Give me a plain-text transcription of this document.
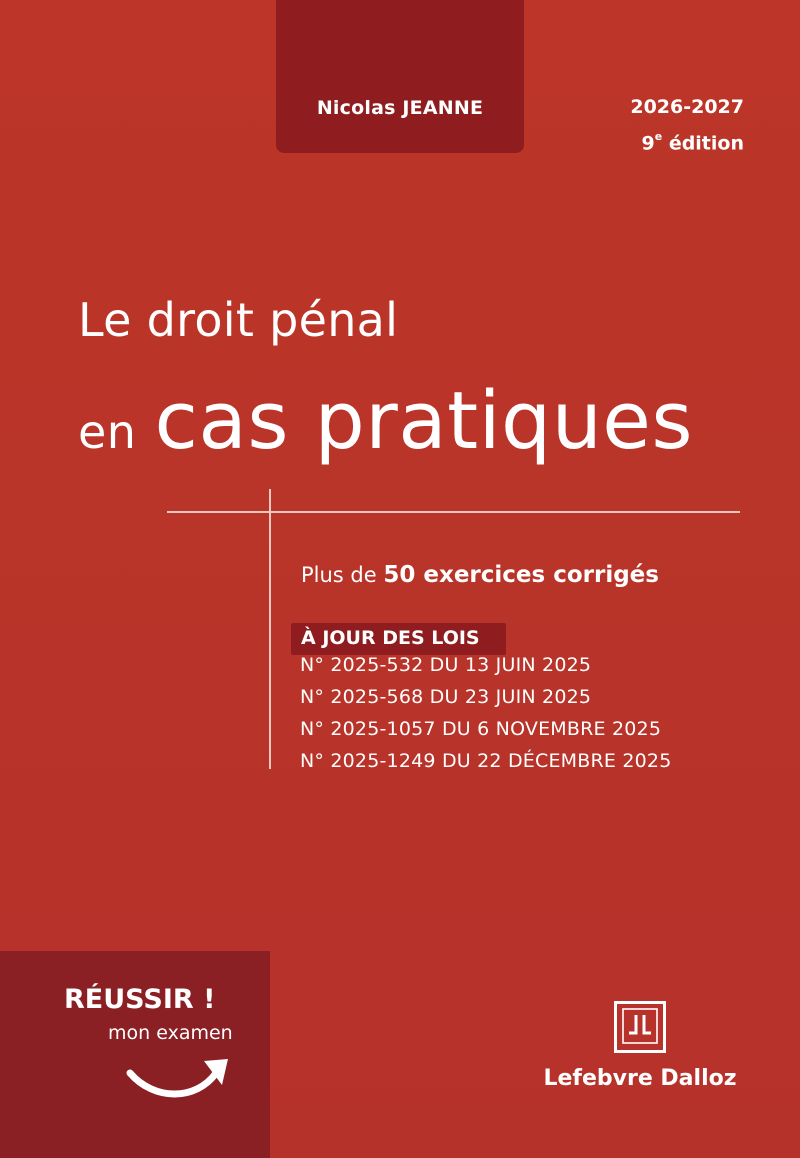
Nicolas JEANNE	2026-2027
9e édition
Le droit pénal
en cas pratiques
Plus de 50 exercices corrigés
À JOUR DES LOIS
N° 2025-532 DU 13 JUIN 2025
N° 2025-568 DU 23 JUIN 2025
N° 2025-1057 DU 6 NOVEMBRE 2025
N° 2025-1249 DU 22 DÉCEMBRE 2025
RÉUSSIR !
mon examen
Lefebvre Dalloz
